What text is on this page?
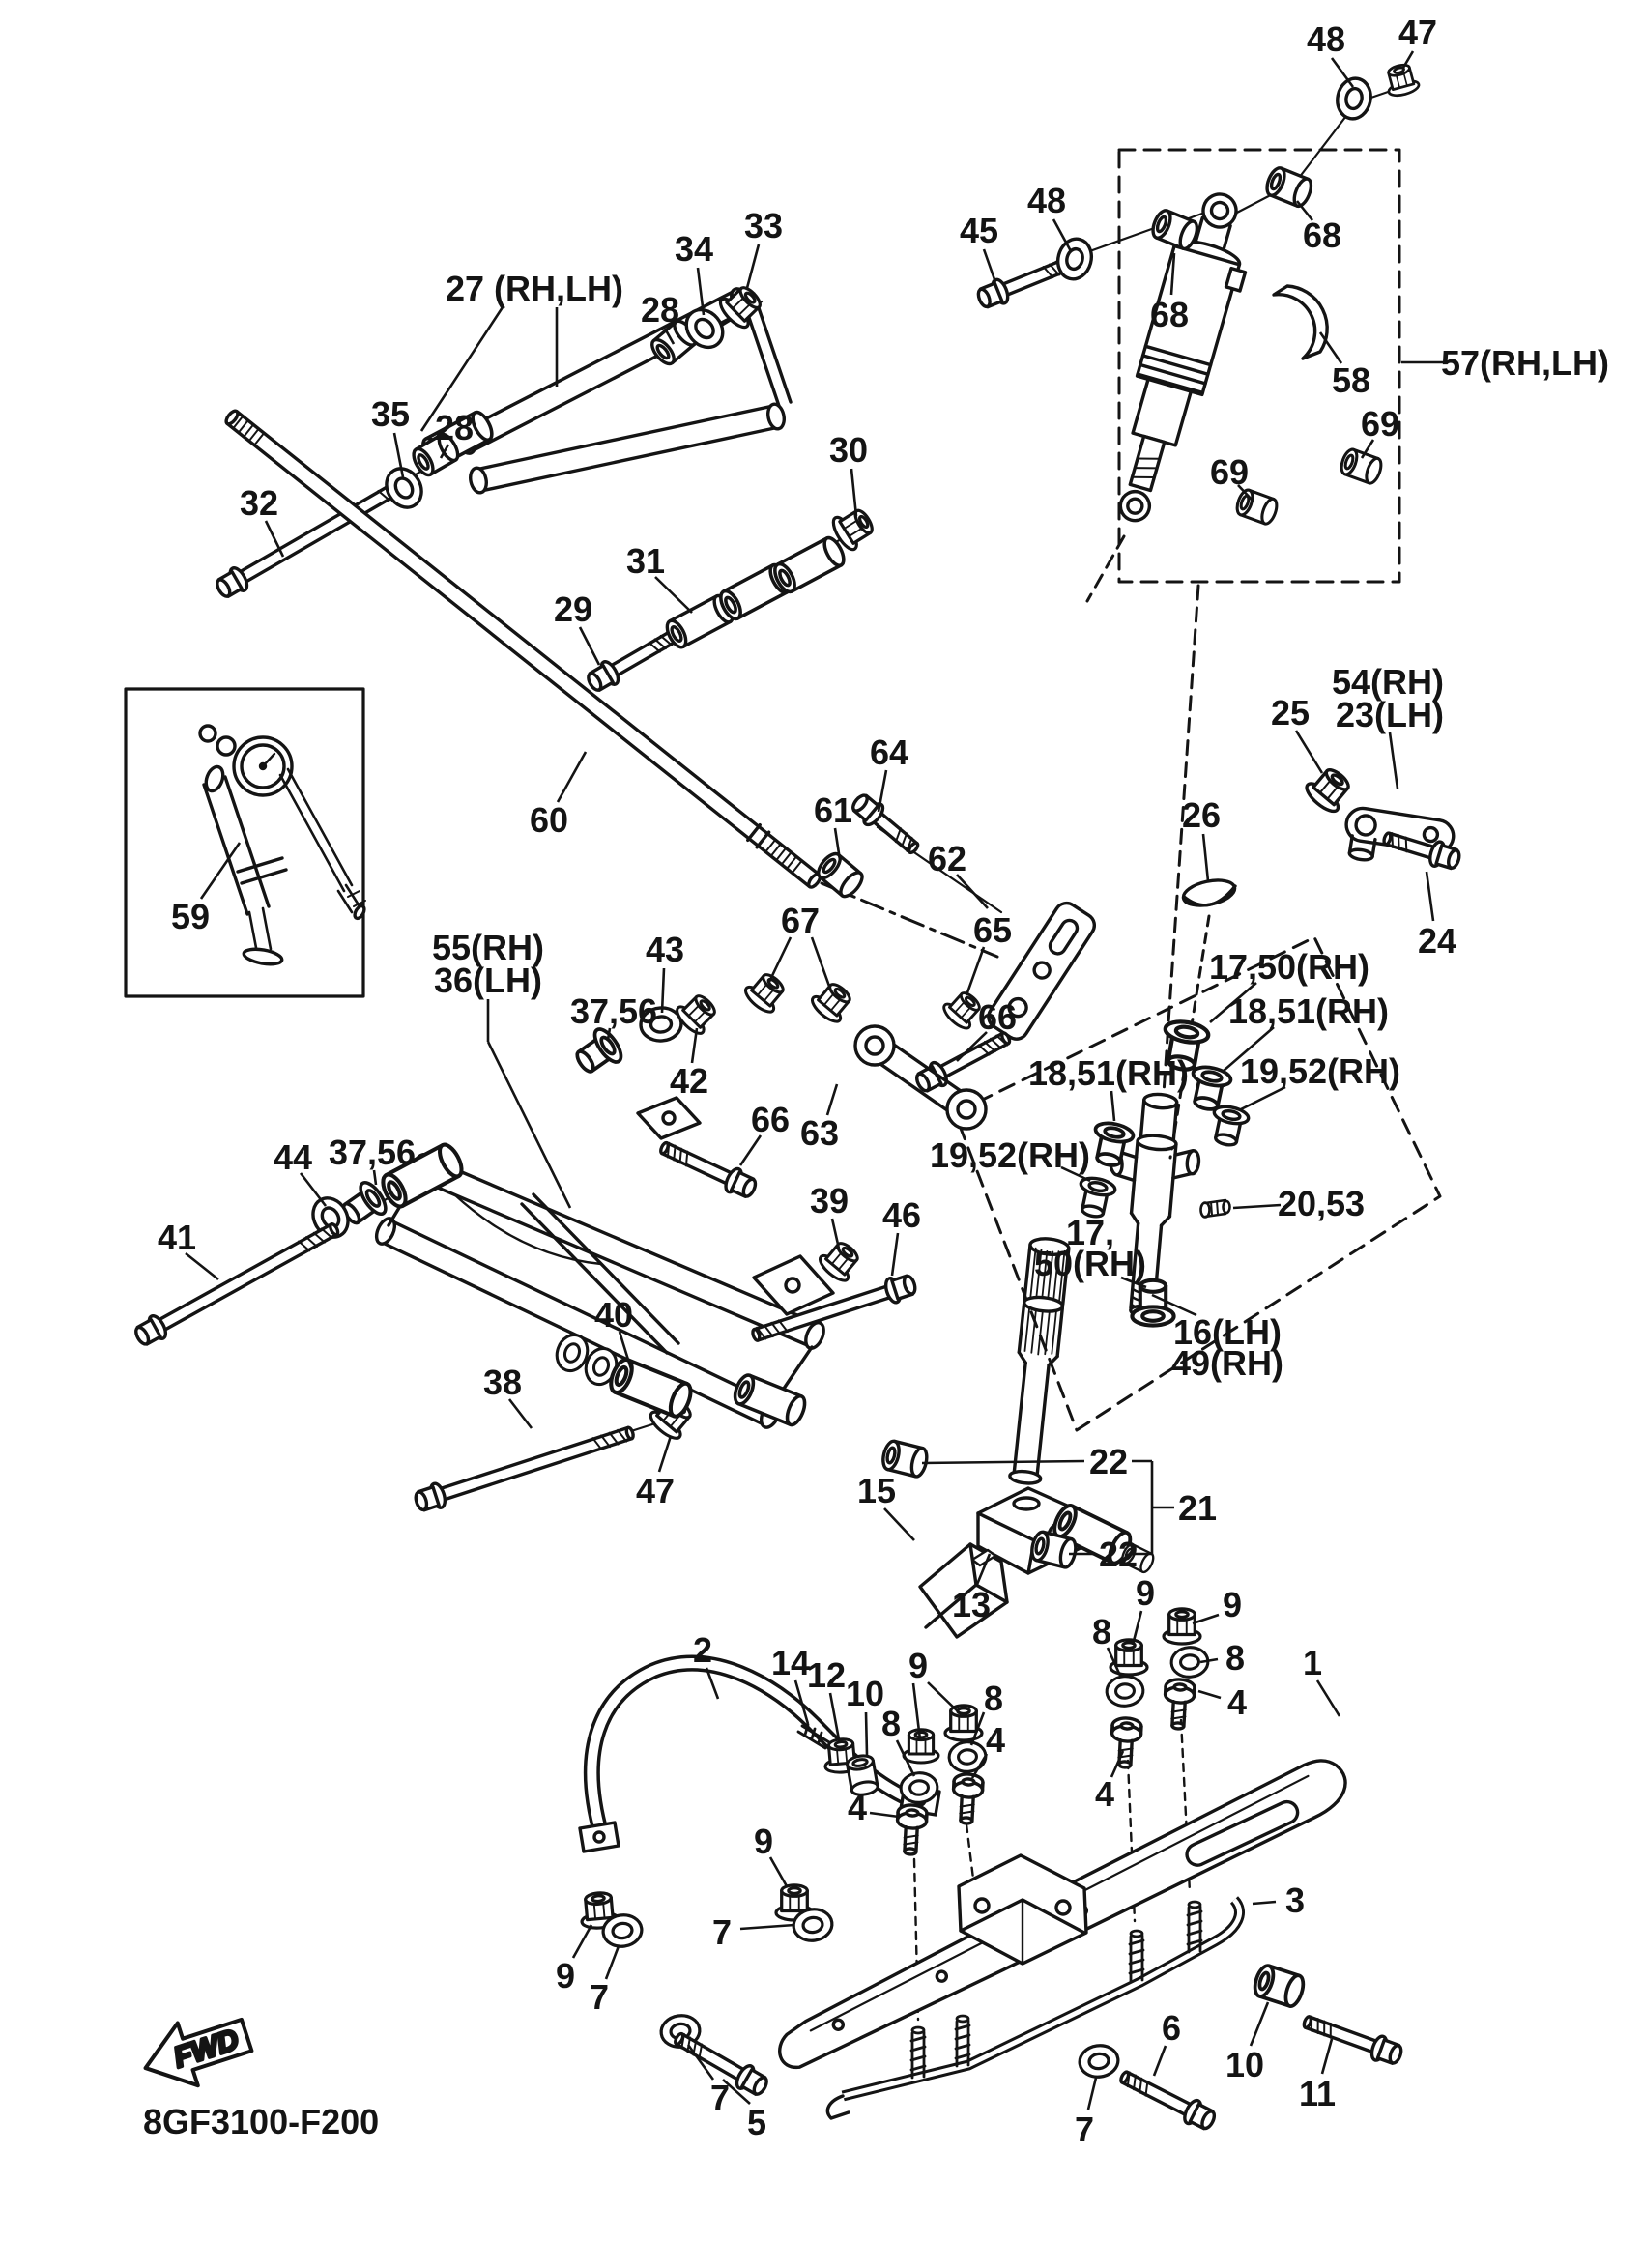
FWD
8GF3100-F200
48 47
45
48
68
68
58 57(RH,LH)
69
69
27 (RH,LH)
33
34
28
35 28
30
31
29
32
60	61
64
62
67
43
37,56
42
65
66
66 63
39 46
55(RH)
36(LH)
44 37,56
41
38
47
40
25
54(RH)
23(LH)
26
24
17,50(RH)
18,51(RH)
18,51(RH) 19,52(RH)
19,52(RH)
20,53
17,
50(RH)
16(LH)
49(RH)
22
21
22
15
13
2 14
12 10
8
9
8
4
4
9
9 9
8
8
4
4
1
3
9
7
7
7
5	7
6
10
11
59
